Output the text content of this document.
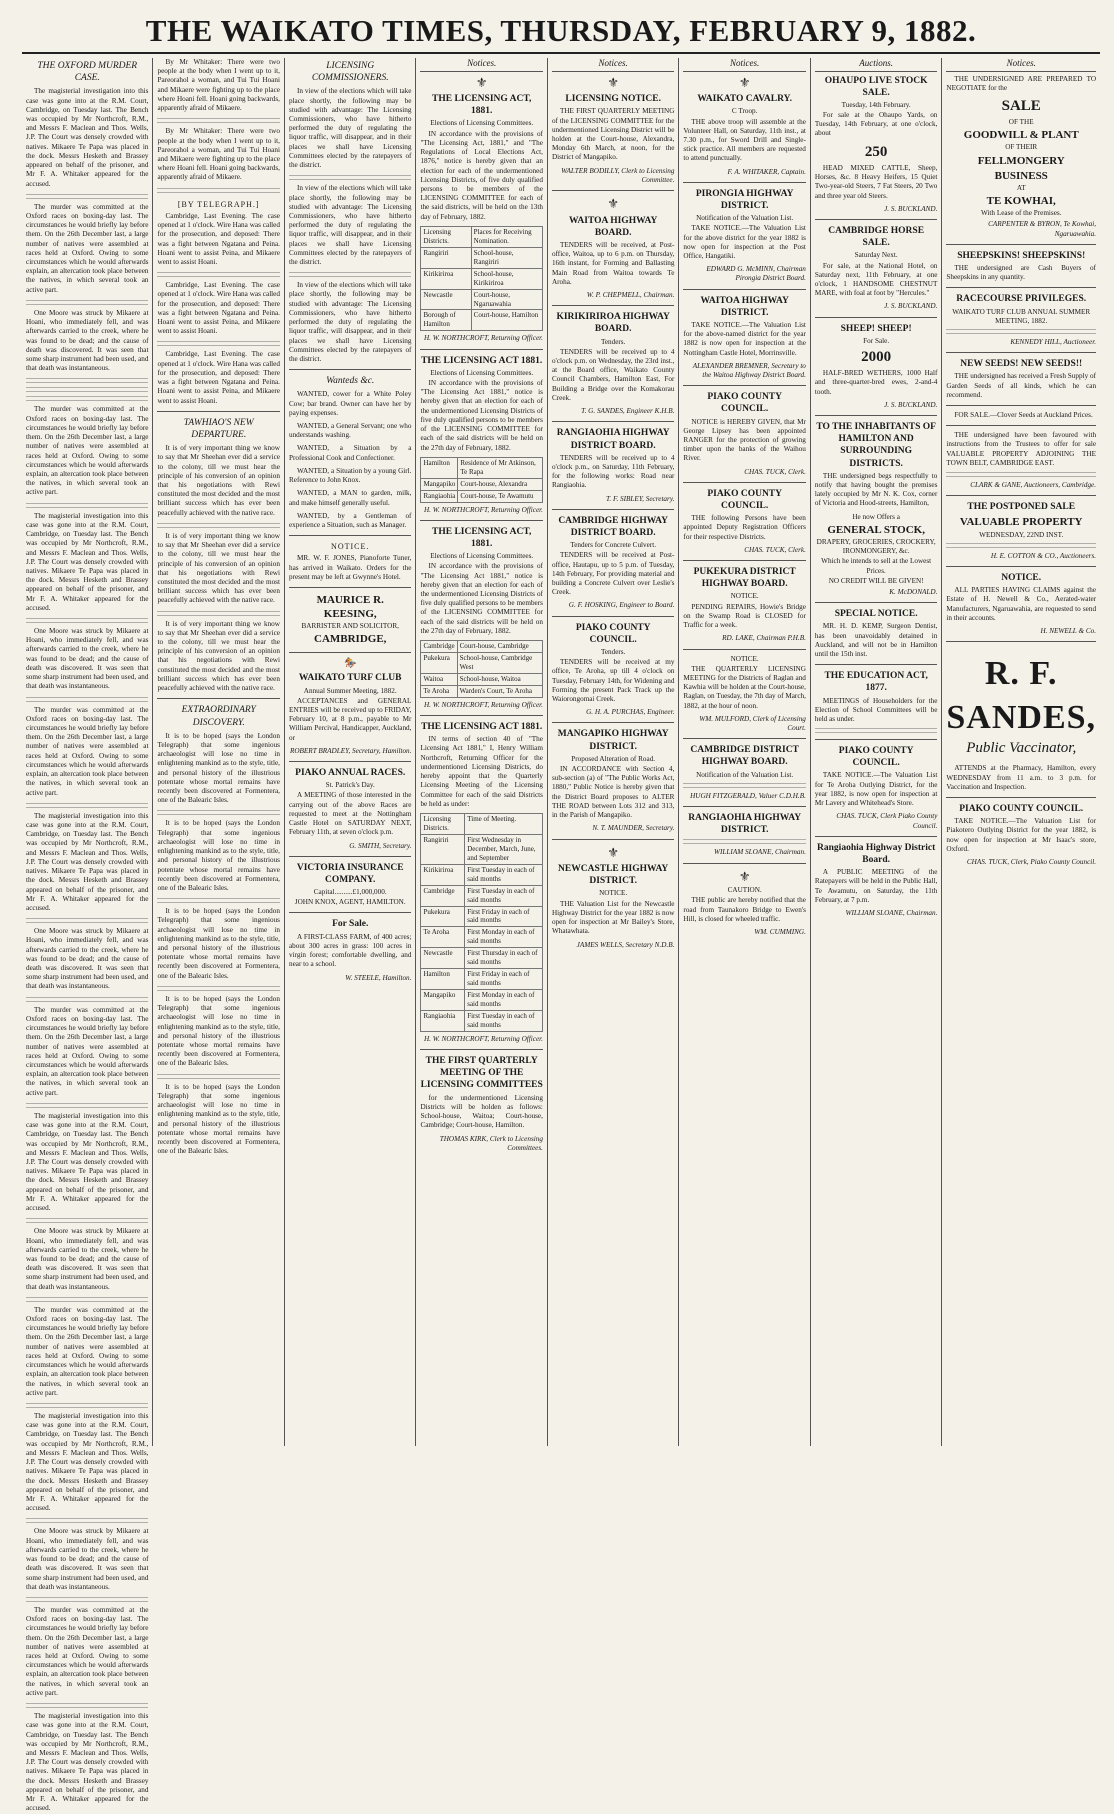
THE WAIKATO TIMES, THURSDAY, FEBRUARY 9, 1882.
THE OXFORD MURDER CASE.

The magisterial investigation into this case was gone into at the R.M. Court, Cambridge, on Tuesday last. The Bench was occupied by Mr Northcroft, R.M., and Messrs F. Maclean and Thos. Wells, J.P. The Court was densely crowded with natives. Mikaere Te Papa was placed in the dock. Messrs Hesketh and Brassey appeared on behalf of the prisoner, and Mr F. A. Whitaker appeared for the accused.

The murder was committed at the Oxford races on boxing-day last. The circumstances he would briefly lay before them. On the 26th December last, a large number of natives were assembled at races held at Oxford. Owing to some circumstances which he would afterwards explain, an altercation took place between the natives, in which several took an active part.

One Moore was struck by Mikaere at Hoani, who immediately fell, and was afterwards carried to the creek, where he was found to be dead; and the cause of death was discovered. It was seen that some sharp instrument had been used, and that death was instantaneous.

The murder was committed at the Oxford races on boxing-day last. The circumstances he would briefly lay before them. On the 26th December last, a large number of natives were assembled at races held at Oxford. Owing to some circumstances which he would afterwards explain, an altercation took place between the natives, in which several took an active part.

The magisterial investigation into this case was gone into at the R.M. Court, Cambridge, on Tuesday last. The Bench was occupied by Mr Northcroft, R.M., and Messrs F. Maclean and Thos. Wells, J.P. The Court was densely crowded with natives. Mikaere Te Papa was placed in the dock. Messrs Hesketh and Brassey appeared on behalf of the prisoner, and Mr F. A. Whitaker appeared for the accused.

One Moore was struck by Mikaere at Hoani, who immediately fell, and was afterwards carried to the creek, where he was found to be dead; and the cause of death was discovered. It was seen that some sharp instrument had been used, and that death was instantaneous.

The murder was committed at the Oxford races on boxing-day last. The circumstances he would briefly lay before them. On the 26th December last, a large number of natives were assembled at races held at Oxford. Owing to some circumstances which he would afterwards explain, an altercation took place between the natives, in which several took an active part.

The magisterial investigation into this case was gone into at the R.M. Court, Cambridge, on Tuesday last. The Bench was occupied by Mr Northcroft, R.M., and Messrs F. Maclean and Thos. Wells, J.P. The Court was densely crowded with natives. Mikaere Te Papa was placed in the dock. Messrs Hesketh and Brassey appeared on behalf of the prisoner, and Mr F. A. Whitaker appeared for the accused.

One Moore was struck by Mikaere at Hoani, who immediately fell, and was afterwards carried to the creek, where he was found to be dead; and the cause of death was discovered. It was seen that some sharp instrument had been used, and that death was instantaneous.

The murder was committed at the Oxford races on boxing-day last. The circumstances he would briefly lay before them. On the 26th December last, a large number of natives were assembled at races held at Oxford. Owing to some circumstances which he would afterwards explain, an altercation took place between the natives, in which several took an active part.

The magisterial investigation into this case was gone into at the R.M. Court, Cambridge, on Tuesday last. The Bench was occupied by Mr Northcroft, R.M., and Messrs F. Maclean and Thos. Wells, J.P. The Court was densely crowded with natives. Mikaere Te Papa was placed in the dock. Messrs Hesketh and Brassey appeared on behalf of the prisoner, and Mr F. A. Whitaker appeared for the accused.

One Moore was struck by Mikaere at Hoani, who immediately fell, and was afterwards carried to the creek, where he was found to be dead; and the cause of death was discovered. It was seen that some sharp instrument had been used, and that death was instantaneous.

The murder was committed at the Oxford races on boxing-day last. The circumstances he would briefly lay before them. On the 26th December last, a large number of natives were assembled at races held at Oxford. Owing to some circumstances which he would afterwards explain, an altercation took place between the natives, in which several took an active part.

The magisterial investigation into this case was gone into at the R.M. Court, Cambridge, on Tuesday last. The Bench was occupied by Mr Northcroft, R.M., and Messrs F. Maclean and Thos. Wells, J.P. The Court was densely crowded with natives. Mikaere Te Papa was placed in the dock. Messrs Hesketh and Brassey appeared on behalf of the prisoner, and Mr F. A. Whitaker appeared for the accused.

One Moore was struck by Mikaere at Hoani, who immediately fell, and was afterwards carried to the creek, where he was found to be dead; and the cause of death was discovered. It was seen that some sharp instrument had been used, and that death was instantaneous.

The murder was committed at the Oxford races on boxing-day last. The circumstances he would briefly lay before them. On the 26th December last, a large number of natives were assembled at races held at Oxford. Owing to some circumstances which he would afterwards explain, an altercation took place between the natives, in which several took an active part.

The magisterial investigation into this case was gone into at the R.M. Court, Cambridge, on Tuesday last. The Bench was occupied by Mr Northcroft, R.M., and Messrs F. Maclean and Thos. Wells, J.P. The Court was densely crowded with natives. Mikaere Te Papa was placed in the dock. Messrs Hesketh and Brassey appeared on behalf of the prisoner, and Mr F. A. Whitaker appeared for the accused.

By Mr Whitaker: There were two people at the body when I went up to it, Pareorahol a woman, and Tui Tui Hoani and Mikaere were fighting up to the place where Hoani fell. Hoani going backwards, apparently afraid of Mikaere.

By Mr Whitaker: There were two people at the body when I went up to it, Pareorahol a woman, and Tui Tui Hoani and Mikaere were fighting up to the place where Hoani fell. Hoani going backwards, apparently afraid of Mikaere.

[BY TELEGRAPH.]

Cambridge, Last Evening. The case opened at 1 o'clock. Wire Hana was called for the prosecution, and deposed: There was a fight between Ngatana and Peina. Hoani went to assist Peina, and Mikaere went to assist Hoani.

Cambridge, Last Evening. The case opened at 1 o'clock. Wire Hana was called for the prosecution, and deposed: There was a fight between Ngatana and Peina. Hoani went to assist Peina, and Mikaere went to assist Hoani.

Cambridge, Last Evening. The case opened at 1 o'clock. Wire Hana was called for the prosecution, and deposed: There was a fight between Ngatana and Peina. Hoani went to assist Peina, and Mikaere went to assist Hoani.

TAWHIAO'S NEW DEPARTURE.

It is of very important thing we know to say that Mr Sheehan ever did a service to the colony, till we must hear the principle of his conversion of an opinion that his negotiations with Rewi constituted the most decided and the most brilliant success which has ever been peacefully achieved with the native race.

It is of very important thing we know to say that Mr Sheehan ever did a service to the colony, till we must hear the principle of his conversion of an opinion that his negotiations with Rewi constituted the most decided and the most brilliant success which has ever been peacefully achieved with the native race.

It is of very important thing we know to say that Mr Sheehan ever did a service to the colony, till we must hear the principle of his conversion of an opinion that his negotiations with Rewi constituted the most decided and the most brilliant success which has ever been peacefully achieved with the native race.

EXTRAORDINARY DISCOVERY.

It is to be hoped (says the London Telegraph) that some ingenious archaeologist will lose no time in enlightening mankind as to the style, title, and personal history of the illustrious potentate whose mortal remains have recently been discovered at Formentera, one of the Balearic Isles.

It is to be hoped (says the London Telegraph) that some ingenious archaeologist will lose no time in enlightening mankind as to the style, title, and personal history of the illustrious potentate whose mortal remains have recently been discovered at Formentera, one of the Balearic Isles.

It is to be hoped (says the London Telegraph) that some ingenious archaeologist will lose no time in enlightening mankind as to the style, title, and personal history of the illustrious potentate whose mortal remains have recently been discovered at Formentera, one of the Balearic Isles.

It is to be hoped (says the London Telegraph) that some ingenious archaeologist will lose no time in enlightening mankind as to the style, title, and personal history of the illustrious potentate whose mortal remains have recently been discovered at Formentera, one of the Balearic Isles.

It is to be hoped (says the London Telegraph) that some ingenious archaeologist will lose no time in enlightening mankind as to the style, title, and personal history of the illustrious potentate whose mortal remains have recently been discovered at Formentera, one of the Balearic Isles.

LICENSING COMMISSIONERS.

In view of the elections which will take place shortly, the following may be studied with advantage: The Licensing Commissioners, who have hitherto performed the duty of regulating the liquor traffic, will disappear, and in their places we shall have Licensing Committees elected by the ratepayers of the district.

In view of the elections which will take place shortly, the following may be studied with advantage: The Licensing Commissioners, who have hitherto performed the duty of regulating the liquor traffic, will disappear, and in their places we shall have Licensing Committees elected by the ratepayers of the district.

In view of the elections which will take place shortly, the following may be studied with advantage: The Licensing Commissioners, who have hitherto performed the duty of regulating the liquor traffic, will disappear, and in their places we shall have Licensing Committees elected by the ratepayers of the district.

Wanteds &c.

WANTED, cower for a White Poley Cow; bar brand. Owner can have her by paying expenses.

WANTED, a General Servant; one who understands washing.

WANTED, a Situation by a Professional Cook and Confectioner.

WANTED, a Situation by a young Girl. Reference to John Knox.

WANTED, a MAN to garden, milk, and make himself generally useful.

WANTED, by a Gentleman of experience a Situation, such as Manager.

NOTICE.

MR. W. F. JONES, Pianoforte Tuner, has arrived in Waikato. Orders for the present may be left at Gwynne's Hotel.

MAURICE R. KEESING,
BARRISTER AND SOLICITOR,
CAMBRIDGE,
🏇
WAIKATO TURF CLUB
Annual Summer Meeting, 1882.

ACCEPTANCES and GENERAL ENTRIES will be received up to FRIDAY, February 10, at 8 p.m., payable to Mr William Percival, Handicapper, Auckland, or

ROBERT BRADLEY, Secretary, Hamilton.
PIAKO ANNUAL RACES.
St. Patrick's Day.

A MEETING of those interested in the carrying out of the above Races are requested to meet at the Nottingham Castle Hotel on SATURDAY NEXT, February 11th, at seven o'clock p.m.

G. SMITH, Secretary.
VICTORIA INSURANCE COMPANY.
Capital..........£1,000,000.
JOHN KNOX, AGENT, HAMILTON.
For Sale.

A FIRST-CLASS FARM, of 400 acres; about 300 acres in grass: 100 acres in virgin forest; comfortable dwelling, and near to a school.

W. STEELE, Hamilton.
Notices.
⚜
THE LICENSING ACT, 1881.
Elections of Licensing Committees.

IN accordance with the provisions of "The Licensing Act, 1881," and "The Regulations of Local Elections Act, 1876," notice is hereby given that an election for each of the undermentioned Licensing Districts, of five duly qualified persons to be members of the LICENSING COMMITTEE for each of the said districts, will be held on the 13th day of February, 1882.

Licensing Districts.	Places for Receiving Nomination.
Rangiriri	School-house, Rangiriri
Kirikiriroa	School-house, Kirikiriroa
Newcastle	Court-house, Ngaruawahia
Borough of Hamilton	Court-house, Hamilton
H. W. NORTHCROFT, Returning Officer.
THE LICENSING ACT 1881.
Elections of Licensing Committees.

IN accordance with the provisions of "The Licensing Act 1881," notice is hereby given that an election for each of the undermentioned Licensing Districts of five duly qualified persons to be members of the LICENSING COMMITTEE for each of the said districts will be held on the 27th day of February, 1882.

Hamilton	Residence of Mr Atkinson, Te Rapa
Mangapiko	Court-house, Alexandra
Rangiaohia	Court-house, Te Awamutu
H. W. NORTHCROFT, Returning Officer.
THE LICENSING ACT, 1881.
Elections of Licensing Committees.

IN accordance with the provisions of "The Licensing Act 1881," notice is hereby given that an election for each of the undermentioned Licensing Districts of five duly qualified persons to be members of the LICENSING COMMITTEE for each of the said districts will be held on the 27th day of February, 1882.

Cambridge	Court-house, Cambridge
Pukekura	School-house, Cambridge West
Waitoa	School-house, Waitoa
Te Aroha	Warden's Court, Te Aroha
H. W. NORTHCROFT, Returning Officer.
THE LICENSING ACT 1881.

IN terms of section 40 of "The Licensing Act 1881," I, Henry William Northcroft, Returning Officer for the undermentioned Licensing Districts, do hereby appoint that the Quarterly Licensing Meeting of the Licensing Committee for each of the said Districts be held as under:

Licensing Districts.	Time of Meeting.
Rangiriri	First Wednesday in December, March, June, and September
Kirikiriroa	First Tuesday in each of said months
Cambridge	First Tuesday in each of said months
Pukekura	First Friday in each of said months
Te Aroha	First Monday in each of said months
Newcastle	First Thursday in each of said months
Hamilton	First Friday in each of said months
Mangapiko	First Monday in each of said months
Rangiaohia	First Tuesday in each of said months
H. W. NORTHCROFT, Returning Officer.
THE FIRST QUARTERLY MEETING OF THE LICENSING COMMITTEES

for the undermentioned Licensing Districts will be holden as follows: School-house, Waitoa; Court-house, Cambridge; Court-house, Hamilton.

THOMAS KIRK, Clerk to Licensing Committees.
Notices.
⚜
LICENSING NOTICE.

THE FIRST QUARTERLY MEETING of the LICENSING COMMITTEE for the undermentioned Licensing District will be holden at the Court-house, Alexandra, Monday 6th March, at noon, for the District of Mangapiko.

WALTER BODILLY, Clerk to Licensing Committee.
⚜
WAITOA HIGHWAY BOARD.

TENDERS will be received, at Post-office, Waitoa, up to 6 p.m. on Thursday, 16th instant, for Forming and Ballasting Main Road from Waitoa towards Te Aroha.

W. P. CHEPMELL, Chairman.
KIRIKIRIROA HIGHWAY BOARD.
Tenders.

TENDERS will be received up to 4 o'clock p.m. on Wednesday, the 23rd inst., at the Board office, Waikato County Council Chambers, Hamilton East, For Building a Bridge over the Komakorau Creek.

T. G. SANDES, Engineer K.H.B.
RANGIAOHIA HIGHWAY DISTRICT BOARD.

TENDERS will be received up to 4 o'clock p.m., on Saturday, 11th February, for the following works: Road near Rangiaohia.

T. F. SIBLEY, Secretary.
CAMBRIDGE HIGHWAY DISTRICT BOARD.
Tenders for Concrete Culvert.

TENDERS will be received at Post-office, Hautapu, up to 5 p.m. of Tuesday, 14th February, For providing material and building a Concrete Culvert over Leslie's Creek.

G. F. HOSKING, Engineer to Board.
PIAKO COUNTY COUNCIL.
Tenders.

TENDERS will be received at my office, Te Aroha, up till 4 o'clock on Tuesday, February 14th, for Widening and Forming the present Pack Track up the Waiorongomai Creek.

G. H. A. PURCHAS, Engineer.
MANGAPIKO HIGHWAY DISTRICT.
Proposed Alteration of Road.

IN ACCORDANCE with Section 4, sub-section (a) of "The Public Works Act, 1880," Public Notice is hereby given that the District Board proposes to ALTER THE ROAD between Lots 312 and 313, in the Parish of Mangapiko.

N. T. MAUNDER, Secretary.
⚜
NEWCASTLE HIGHWAY DISTRICT.
NOTICE.

THE Valuation List for the Newcastle Highway District for the year 1882 is now open for inspection at Mr Bailey's Store, Whatawhata.

JAMES WELLS, Secretary N.D.B.
Notices.
⚜
WAIKATO CAVALRY.
C Troop.

THE above troop will assemble at the Volunteer Hall, on Saturday, 11th inst., at 7.30 p.m., for Sword Drill and Single-stick practice. All members are requested to attend punctually.

F. A. WHITAKER, Captain.
PIRONGIA HIGHWAY DISTRICT.
Notification of the Valuation List.

TAKE NOTICE.—The Valuation List for the above district for the year 1882 is now open for inspection at the Post Office, Hangatiki.

EDWARD G. McMINN, Chairman Pirongia District Board.
WAITOA HIGHWAY DISTRICT.

TAKE NOTICE.—The Valuation List for the above-named district for the year 1882 is now open for inspection at the Nottingham Castle Hotel, Morrinsville.

ALEXANDER BREMNER, Secretary to the Waitoa Highway District Board.
PIAKO COUNTY COUNCIL.

NOTICE is HEREBY GIVEN, that Mr George Lipsey has been appointed RANGER for the protection of growing timber upon the banks of the Waihou River.

CHAS. TUCK, Clerk.
PIAKO COUNTY COUNCIL.

THE following Persons have been appointed Deputy Registration Officers for their respective Districts.

CHAS. TUCK, Clerk.
PUKEKURA DISTRICT HIGHWAY BOARD.
NOTICE.

PENDING REPAIRS, Howie's Bridge on the Swamp Road is CLOSED for Traffic for a week.

RD. LAKE, Chairman P.H.B.
NOTICE.

THE QUARTERLY LICENSING MEETING for the Districts of Raglan and Kawhia will be holden at the Court-house, Raglan, on Tuesday, the 7th day of March, 1882, at the hour of noon.

WM. MULFORD, Clerk of Licensing Court.
CAMBRIDGE DISTRICT HIGHWAY BOARD.
Notification of the Valuation List.
HUGH FITZGERALD, Valuer C.D.H.B.
RANGIAOHIA HIGHWAY DISTRICT.
WILLIAM SLOANE, Chairman.
⚜
CAUTION.

THE public are hereby notified that the road from Taunakoro Bridge to Ewen's Hill, is closed for wheeled traffic.

WM. CUMMING.
Auctions.
OHAUPO LIVE STOCK SALE.
Tuesday, 14th February.

For sale at the Ohaupo Yards, on Tuesday, 14th February, at one o'clock, about

250

HEAD MIXED CATTLE, Sheep, Horses, &c. 8 Heavy Heifers, 15 Quiet Two-year-old Steers, 7 Fat Steers, 20 Two and three year old Steers.

J. S. BUCKLAND.
CAMBRIDGE HORSE SALE.
Saturday Next.

For sale, at the National Hotel, on Saturday next, 11th February, at one o'clock, 1 HANDSOME CHESTNUT MARE, with foal at foot by "Hercules."

J. S. BUCKLAND.
SHEEP! SHEEP!
For Sale.
2000

HALF-BRED WETHERS, 1000 Half and three-quarter-bred ewes, 2-and-4 tooth.

J. S. BUCKLAND.
TO THE INHABITANTS OF HAMILTON AND SURROUNDING DISTRICTS.

THE undersigned begs respectfully to notify that having bought the premises lately occupied by Mr N. K. Cox, corner of Victoria and Hood-streets, Hamilton,

He now Offers a
GENERAL STOCK,
DRAPERY, GROCERIES, CROCKERY, IRONMONGERY, &c.
Which he intends to sell at the Lowest Prices.
NO CREDIT WILL BE GIVEN!
K. McDONALD.
SPECIAL NOTICE.

MR. H. D. KEMP, Surgeon Dentist, has been unavoidably detained in Auckland, and will not be in Hamilton until the 15th inst.

THE EDUCATION ACT, 1877.

MEETINGS of Householders for the Election of School Committees will be held as under.

PIAKO COUNTY COUNCIL.

TAKE NOTICE.—The Valuation List for Te Aroha Outlying District, for the year 1882, is now open for inspection at Mr Lavery and Whitehead's Store.

CHAS. TUCK, Clerk Piako County Council.
Rangiaohia Highway District Board.

A PUBLIC MEETING of the Ratepayers will be held in the Public Hall, Te Awamutu, on Saturday, the 11th February, at 7 p.m.

WILLIAM SLOANE, Chairman.
Notices.

THE UNDERSIGNED ARE PREPARED TO NEGOTIATE for the

SALE
OF THE
GOODWILL & PLANT
OF THEIR
FELLMONGERY
BUSINESS
AT
TE KOWHAI,
With Lease of the Premises.
CARPENTER & BYRON, Te Kowhai, Ngaruawahia.
SHEEPSKINS! SHEEPSKINS!

THE undersigned are Cash Buyers of Sheepskins in any quantity.

RACECOURSE PRIVILEGES.
WAIKATO TURF CLUB ANNUAL SUMMER MEETING, 1882.
KENNEDY HILL, Auctioneer.
NEW SEEDS! NEW SEEDS!!

THE undersigned has received a Fresh Supply of Garden Seeds of all kinds, which he can recommend.

FOR SALE.—Clover Seeds at Auckland Prices.

THE undersigned have been favoured with instructions from the Trustees to offer for sale VALUABLE PROPERTY ADJOINING THE TOWN BELT, CAMBRIDGE EAST.

CLARK & GANE, Auctioneers, Cambridge.
THE POSTPONED SALE
VALUABLE PROPERTY
WEDNESDAY, 22ND INST.
H. E. COTTON & CO., Auctioneers.
NOTICE.

ALL PARTIES HAVING CLAIMS against the Estate of H. Newell & Co., Aerated-water Manufacturers, Ngaruawahia, are requested to send in their accounts.

H. NEWELL & Co.
R. F. SANDES,
Public Vaccinator,

ATTENDS at the Pharmacy, Hamilton, every WEDNESDAY from 11 a.m. to 3 p.m. for Vaccination and Inspection.

PIAKO COUNTY COUNCIL.

TAKE NOTICE.—The Valuation List for Piakotero Outlying District for the year 1882, is now open for inspection at Mr Isaac's store, Oxford.

CHAS. TUCK, Clerk, Piako County Council.
